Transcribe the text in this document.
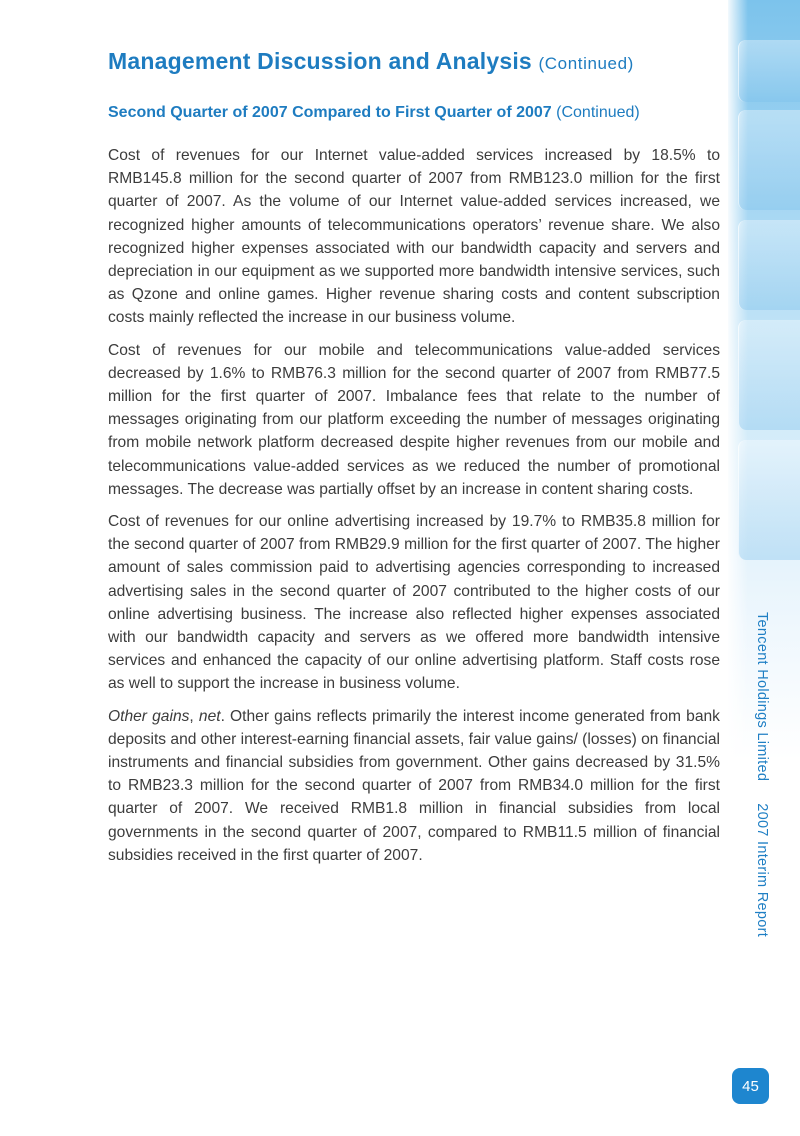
Management Discussion and Analysis (Continued)
Second Quarter of 2007 Compared to First Quarter of 2007 (Continued)

Cost of revenues for our Internet value-added services increased by 18.5% to RMB145.8 million for the second quarter of 2007 from RMB123.0 million for the first quarter of 2007. As the volume of our Internet value-added services increased, we recognized higher amounts of telecommunications operators’ revenue share. We also recognized higher expenses associated with our bandwidth capacity and servers and depreciation in our equipment as we supported more bandwidth intensive services, such as Qzone and online games. Higher revenue sharing costs and content subscription costs mainly reflected the increase in our business volume.

Cost of revenues for our mobile and telecommunications value-added services decreased by 1.6% to RMB76.3 million for the second quarter of 2007 from RMB77.5 million for the first quarter of 2007. Imbalance fees that relate to the number of messages originating from our platform exceeding the number of messages originating from mobile network platform decreased despite higher revenues from our mobile and telecommunications value-added services as we reduced the number of promotional messages. The decrease was partially offset by an increase in content sharing costs.

Cost of revenues for our online advertising increased by 19.7% to RMB35.8 million for the second quarter of 2007 from RMB29.9 million for the first quarter of 2007. The higher amount of sales commission paid to advertising agencies corresponding to increased advertising sales in the second quarter of 2007 contributed to the higher costs of our online advertising business. The increase also reflected higher expenses associated with our bandwidth capacity and servers as we offered more bandwidth intensive services and enhanced the capacity of our online advertising platform. Staff costs rose as well to support the increase in business volume.

Other gains, net. Other gains reflects primarily the interest income generated from bank deposits and other interest-earning financial assets, fair value gains/ (losses) on financial instruments and financial subsidies from government. Other gains decreased by 31.5% to RMB23.3 million for the second quarter of 2007 from RMB34.0 million for the first quarter of 2007. We received RMB1.8 million in financial subsidies from local governments in the second quarter of 2007, compared to RMB11.5 million of financial subsidies received in the first quarter of 2007.

Tencent Holdings Limited2007 Interim Report
45
